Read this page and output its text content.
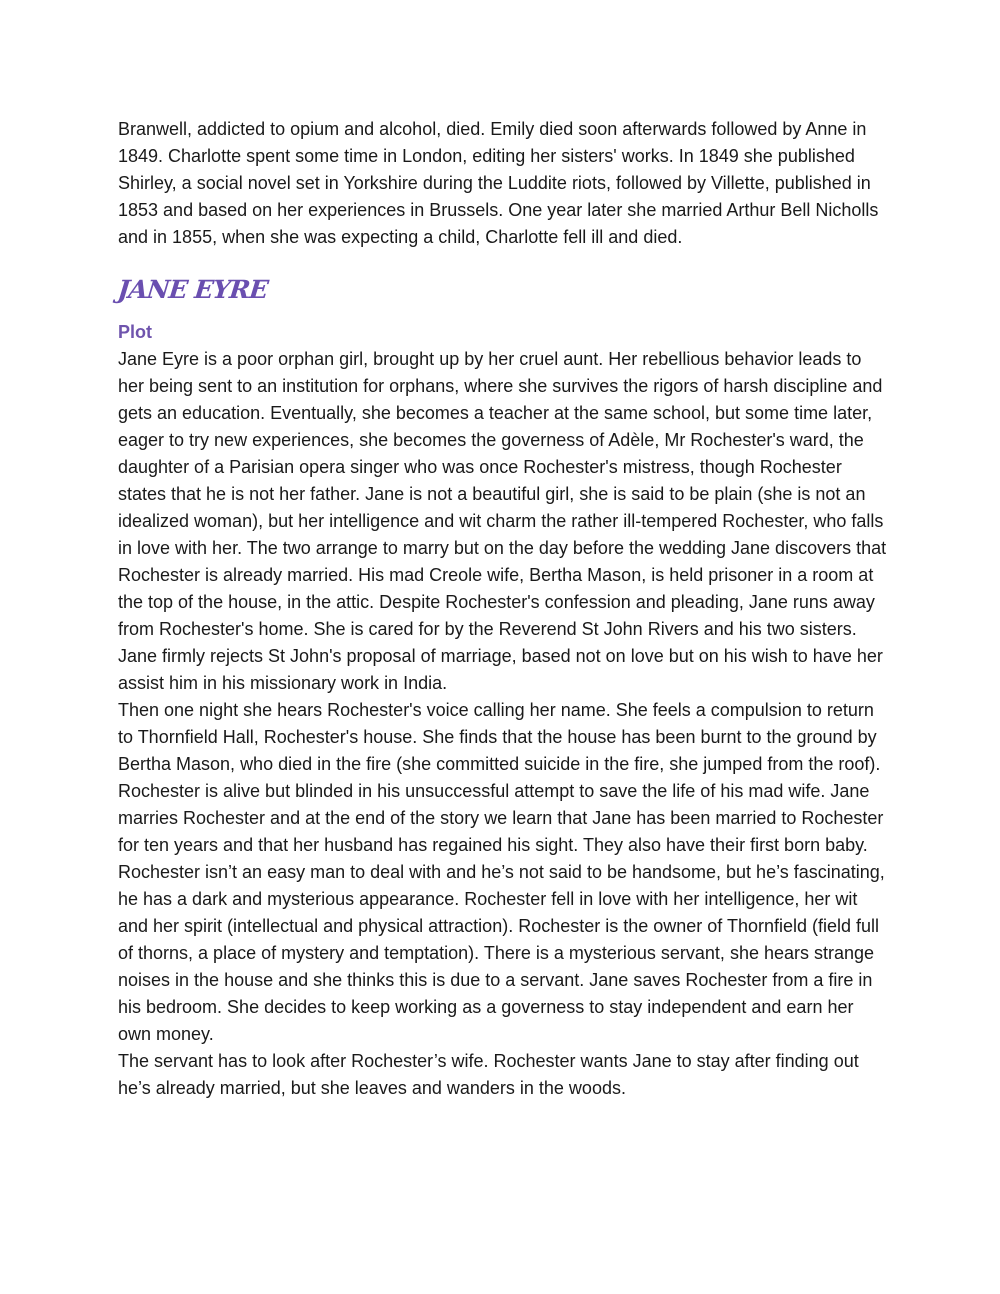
Branwell, addicted to opium and alcohol, died. Emily died soon afterwards followed by Anne in 1849. Charlotte spent some time in London, editing her sisters' works. In 1849 she published Shirley, a social novel set in Yorkshire during the Luddite riots, followed by Villette, published in 1853 and based on her experiences in Brussels. One year later she married Arthur Bell Nicholls and in 1855, when she was expecting a child, Charlotte fell ill and died.

JANE EYRE
Plot

Jane Eyre is a poor orphan girl, brought up by her cruel aunt. Her rebellious behavior leads to her being sent to an institution for orphans, where she survives the rigors of harsh discipline and gets an education. Eventually, she becomes a teacher at the same school, but some time later, eager to try new experiences, she becomes the governess of Adèle, Mr Rochester's ward, the daughter of a Parisian opera singer who was once Rochester's mistress, though Rochester states that he is not her father. Jane is not a beautiful girl, she is said to be plain (she is not an idealized woman), but her intelligence and wit charm the rather ill-tempered Rochester, who falls in love with her. The two arrange to marry but on the day before the wedding Jane discovers that Rochester is already married. His mad Creole wife, Bertha Mason, is held prisoner in a room at the top of the house, in the attic. Despite Rochester's confession and pleading, Jane runs away from Rochester's home. She is cared for by the Reverend St John Rivers and his two sisters. Jane firmly rejects St John's proposal of marriage, based not on love but on his wish to have her assist him in his missionary work in India.

Then one night she hears Rochester's voice calling her name. She feels a compulsion to return to Thornfield Hall, Rochester's house. She finds that the house has been burnt to the ground by Bertha Mason, who died in the fire (she committed suicide in the fire, she jumped from the roof). Rochester is alive but blinded in his unsuccessful attempt to save the life of his mad wife. Jane marries Rochester and at the end of the story we learn that Jane has been married to Rochester for ten years and that her husband has regained his sight. They also have their first born baby. Rochester isn’t an easy man to deal with and he’s not said to be handsome, but he’s fascinating, he has a dark and mysterious appearance. Rochester fell in love with her intelligence, her wit and her spirit (intellectual and physical attraction). Rochester is the owner of Thornfield (field full of thorns, a place of mystery and temptation). There is a mysterious servant, she hears strange noises in the house and she thinks this is due to a servant. Jane saves Rochester from a fire in his bedroom. She decides to keep working as a governess to stay independent and earn her own money.

The servant has to look after Rochester’s wife. Rochester wants Jane to stay after finding out he’s already married, but she leaves and wanders in the woods.
